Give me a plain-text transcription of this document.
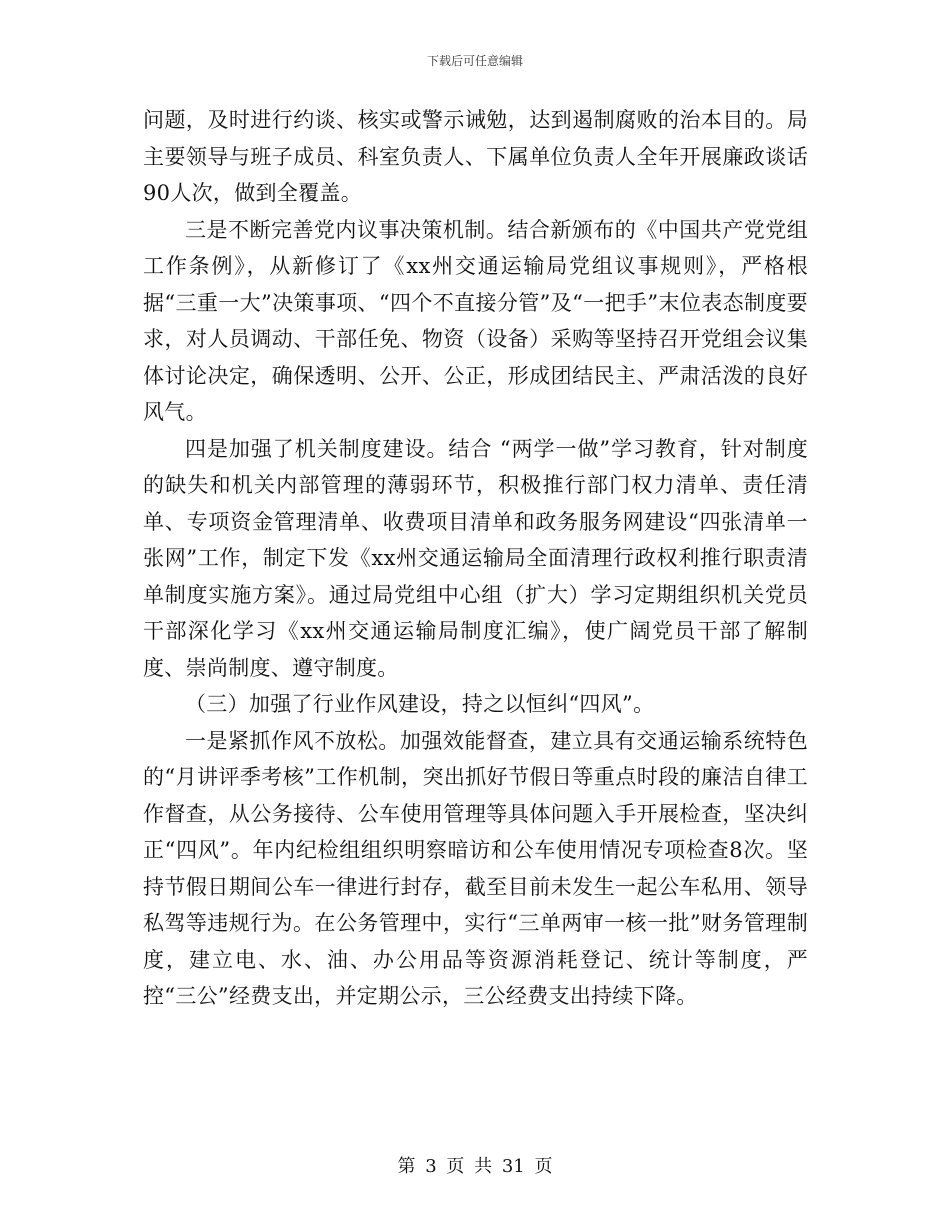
下载后可任意编辑

问题，及时进行约谈、核实或警示诫勉，达到遏制腐败的治本目的。局主要领导与班子成员、科室负责人、下属单位负责人全年开展廉政谈话90人次，做到全覆盖。

三是不断完善党内议事决策机制。结合新颁布的《中国共产党党组工作条例》，从新修订了《xx州交通运输局党组议事规则》，严格根据“三重一大”决策事项、“四个不直接分管”及“一把手”末位表态制度要求，对人员调动、干部任免、物资（设备）采购等坚持召开党组会议集体讨论决定，确保透明、公开、公正，形成团结民主、严肃活泼的良好风气。

四是加强了机关制度建设。结合 “两学一做”学习教育，针对制度的缺失和机关内部管理的薄弱环节，积极推行部门权力清单、责任清单、专项资金管理清单、收费项目清单和政务服务网建设“四张清单一张网”工作，制定下发《xx州交通运输局全面清理行政权利推行职责清单制度实施方案》。通过局党组中心组（扩大）学习定期组织机关党员干部深化学习《xx州交通运输局制度汇编》，使广阔党员干部了解制度、崇尚制度、遵守制度。

（三）加强了行业作风建设，持之以恒纠“四风”。

一是紧抓作风不放松。加强效能督查，建立具有交通运输系统特色的“月讲评季考核”工作机制，突出抓好节假日等重点时段的廉洁自律工作督查，从公务接待、公车使用管理等具体问题入手开展检查，坚决纠正“四风”。年内纪检组组织明察暗访和公车使用情况专项检查8次。坚持节假日期间公车一律进行封存，截至目前未发生一起公车私用、领导私驾等违规行为。在公务管理中，实行“三单两审一核一批”财务管理制度，建立电、水、油、办公用品等资源消耗登记、统计等制度，严控“三公”经费支出，并定期公示，三公经费支出持续下降。

第 3 页 共 31 页
